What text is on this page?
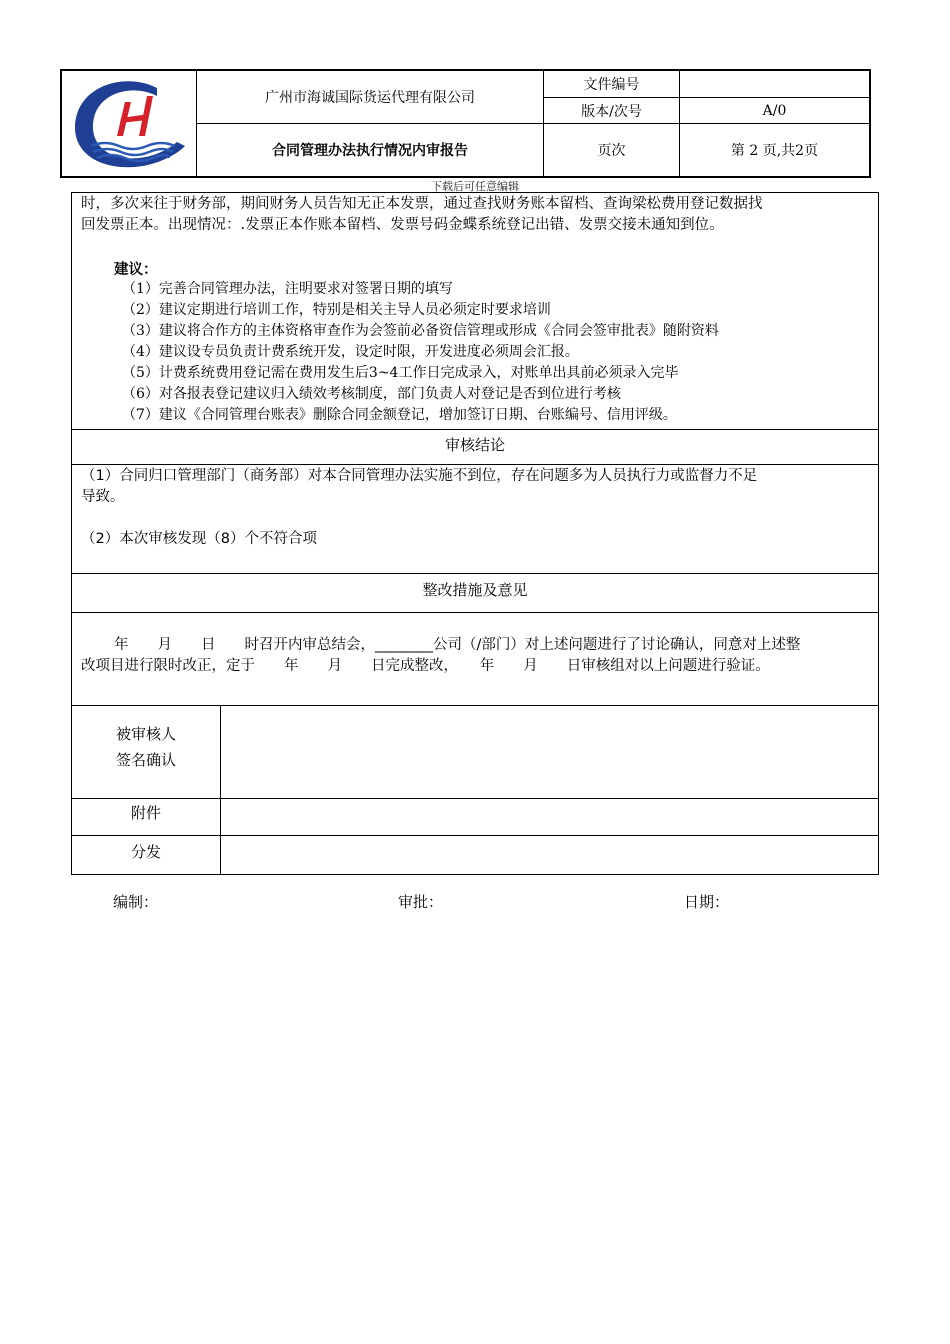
广州市海诚国际货运代理有限公司
合同管理办法执行情况内审报告
文件编号
版本/次号	A/0
页次	第 2 页,共2页
下载后可任意编辑
时，多次来往于财务部，期间财务人员告知无正本发票，通过查找财务账本留档、查询梁松费用登记数据找
回发票正本。出现情况：.发票正本作账本留档、发票号码金蝶系统登记出错、发票交接未通知到位。
建议：
（1）完善合同管理办法，注明要求对签署日期的填写
（2）建议定期进行培训工作，特别是相关主导人员必须定时要求培训
（3）建议将合作方的主体资格审查作为会签前必备资信管理或形成《合同会签审批表》随附资料
（4）建议设专员负责计费系统开发，设定时限，开发进度必须周会汇报。
（5）计费系统费用登记需在费用发生后3~4工作日完成录入，对账单出具前必须录入完毕
（6）对各报表登记建议归入绩效考核制度，部门负责人对登记是否到位进行考核
（7）建议《合同管理台账表》删除合同金额登记，增加签订日期、台账编号、信用评级。
审核结论
（1）合同归口管理部门（商务部）对本合同管理办法实施不到位，存在问题多为人员执行力或监督力不足
导致。
（2）本次审核发现（8）个不符合项
整改措施及意见
年　　月　　日　　时召开内审总结会，________公司（/部门）对上述问题进行了讨论确认，同意对上述整
改项目进行限时改正，定于　　年　　月　　日完成整改，　　年　　月　　日审核组对以上问题进行验证。
被审核人
签名确认
附件
分发
编制：	审批：	日期：
